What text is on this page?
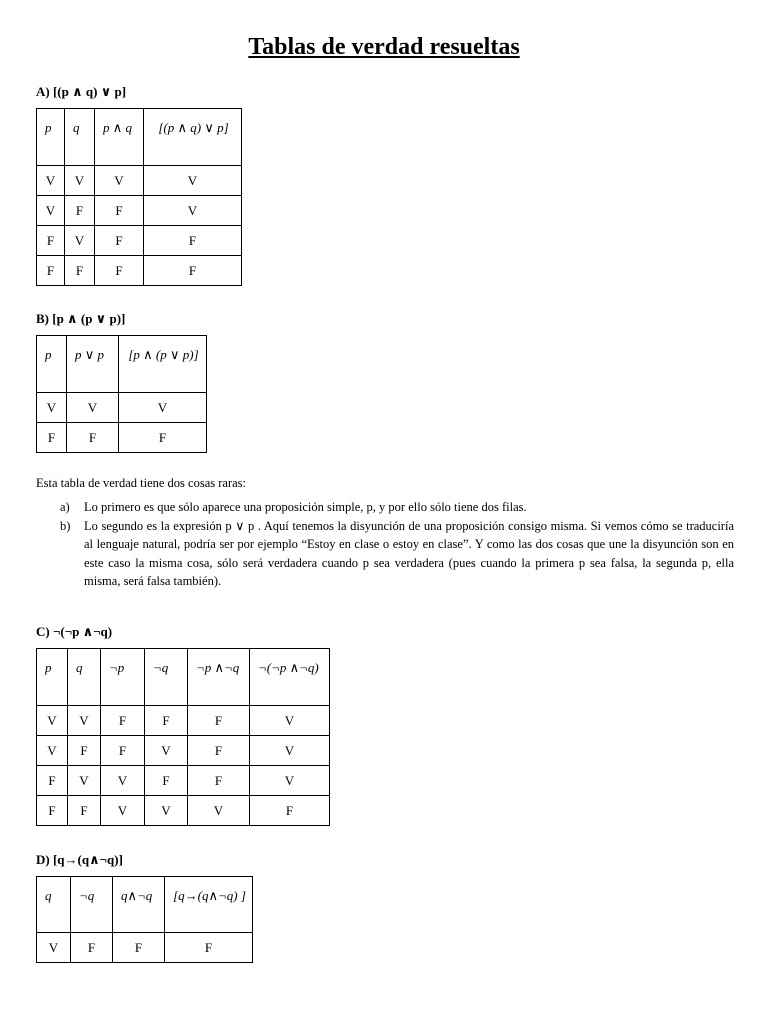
Tablas de verdad resueltas

A) [(p ∧ q) ∨ p]

p	q	p ∧ q	[(p ∧ q) ∨ p]
V	V	V	V
V	F	F	V
F	V	F	F
F	F	F	F

B) [p ∧ (p ∨ p)]

p	p ∨ p	[p ∧ (p ∨ p)]
V	V	V
F	F	F

Esta tabla de verdad tiene dos cosas raras:

a) Lo primero es que sólo aparece una proposición simple, p, y por ello sólo tiene dos filas.
b) Lo segundo es la expresión p ∨ p . Aquí tenemos la disyunción de una proposición consigo misma. Si vemos cómo se traduciría al lenguaje natural, podría ser por ejemplo “Estoy en clase o estoy en clase”. Y como las dos cosas que une la disyunción son en este caso la misma cosa, sólo será verdadera cuando p sea verdadera (pues cuando la primera p sea falsa, la segunda p, ella misma, será falsa también).

C) ¬(¬p ∧¬q)

p	q	¬p	¬q	¬p ∧¬q	¬(¬p ∧¬q)
V	V	F	F	F	V
V	F	F	V	F	V
F	V	V	F	F	V
F	F	V	V	V	F

D) [q→(q∧¬q)]

q	¬q	q∧¬q	[q→(q∧¬q) ]
V	F	F	F
